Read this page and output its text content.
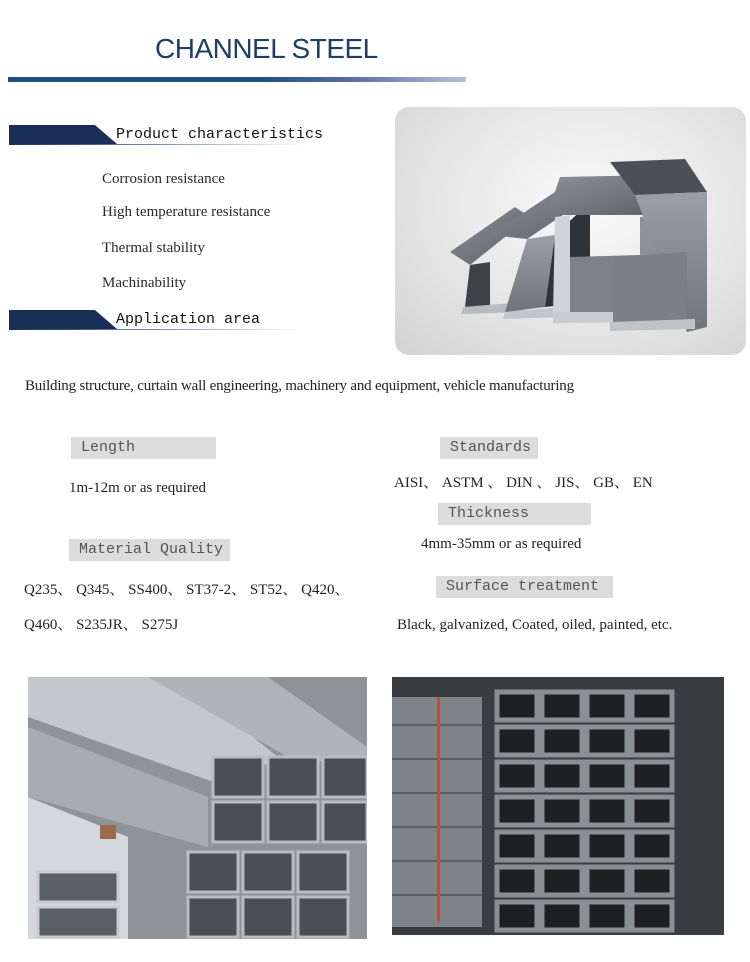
CHANNEL STEEL
Product characteristics
Corrosion resistance
High temperature resistance
Thermal stability
Machinability
Application area
Building structure, curtain wall engineering, machinery and equipment, vehicle manufacturing
Length
1m-12m or as required
Material Quality
Q235、 Q345、 SS400、 ST37-2、 ST52、 Q420、
Q460、 S235JR、 S275J
Standards
AISI、 ASTM 、 DIN 、 JIS、 GB、 EN
Thickness
4mm-35mm or as required
Surface treatment
Black, galvanized, Coated, oiled, painted, etc.
